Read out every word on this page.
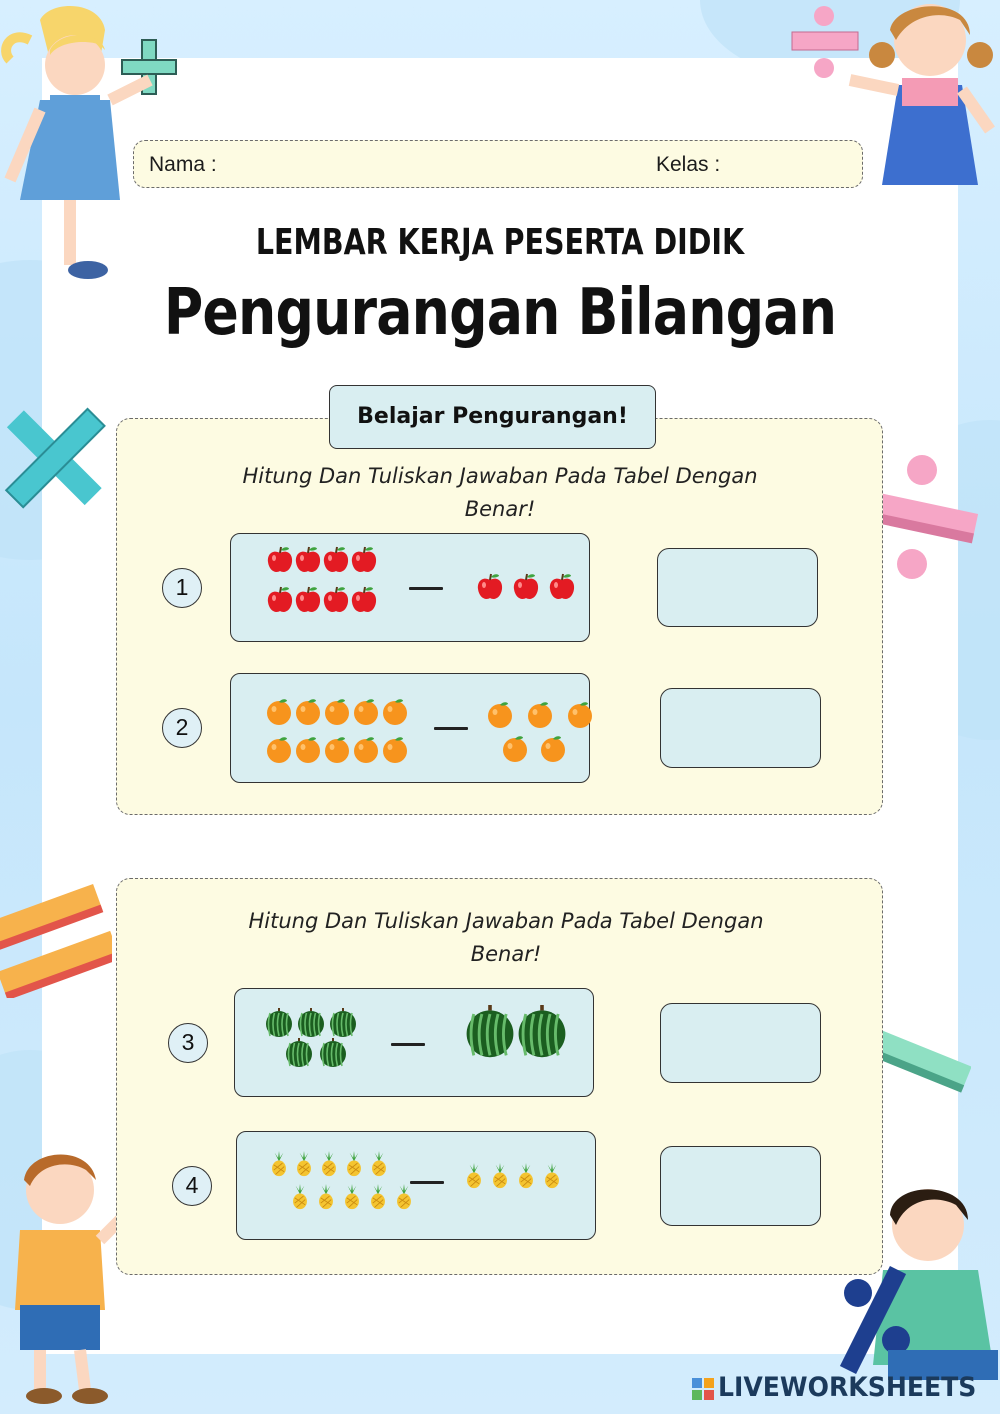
Nama :	Kelas :
LEMBAR KERJA PESERTA DIDIK
Pengurangan Bilangan
Belajar Pengurangan!
Hitung Dan Tuliskan Jawaban Pada Tabel Dengan
Benar!
1
2
Hitung Dan Tuliskan Jawaban Pada Tabel Dengan
Benar!
3
4
LIVEWORKSHEETS
